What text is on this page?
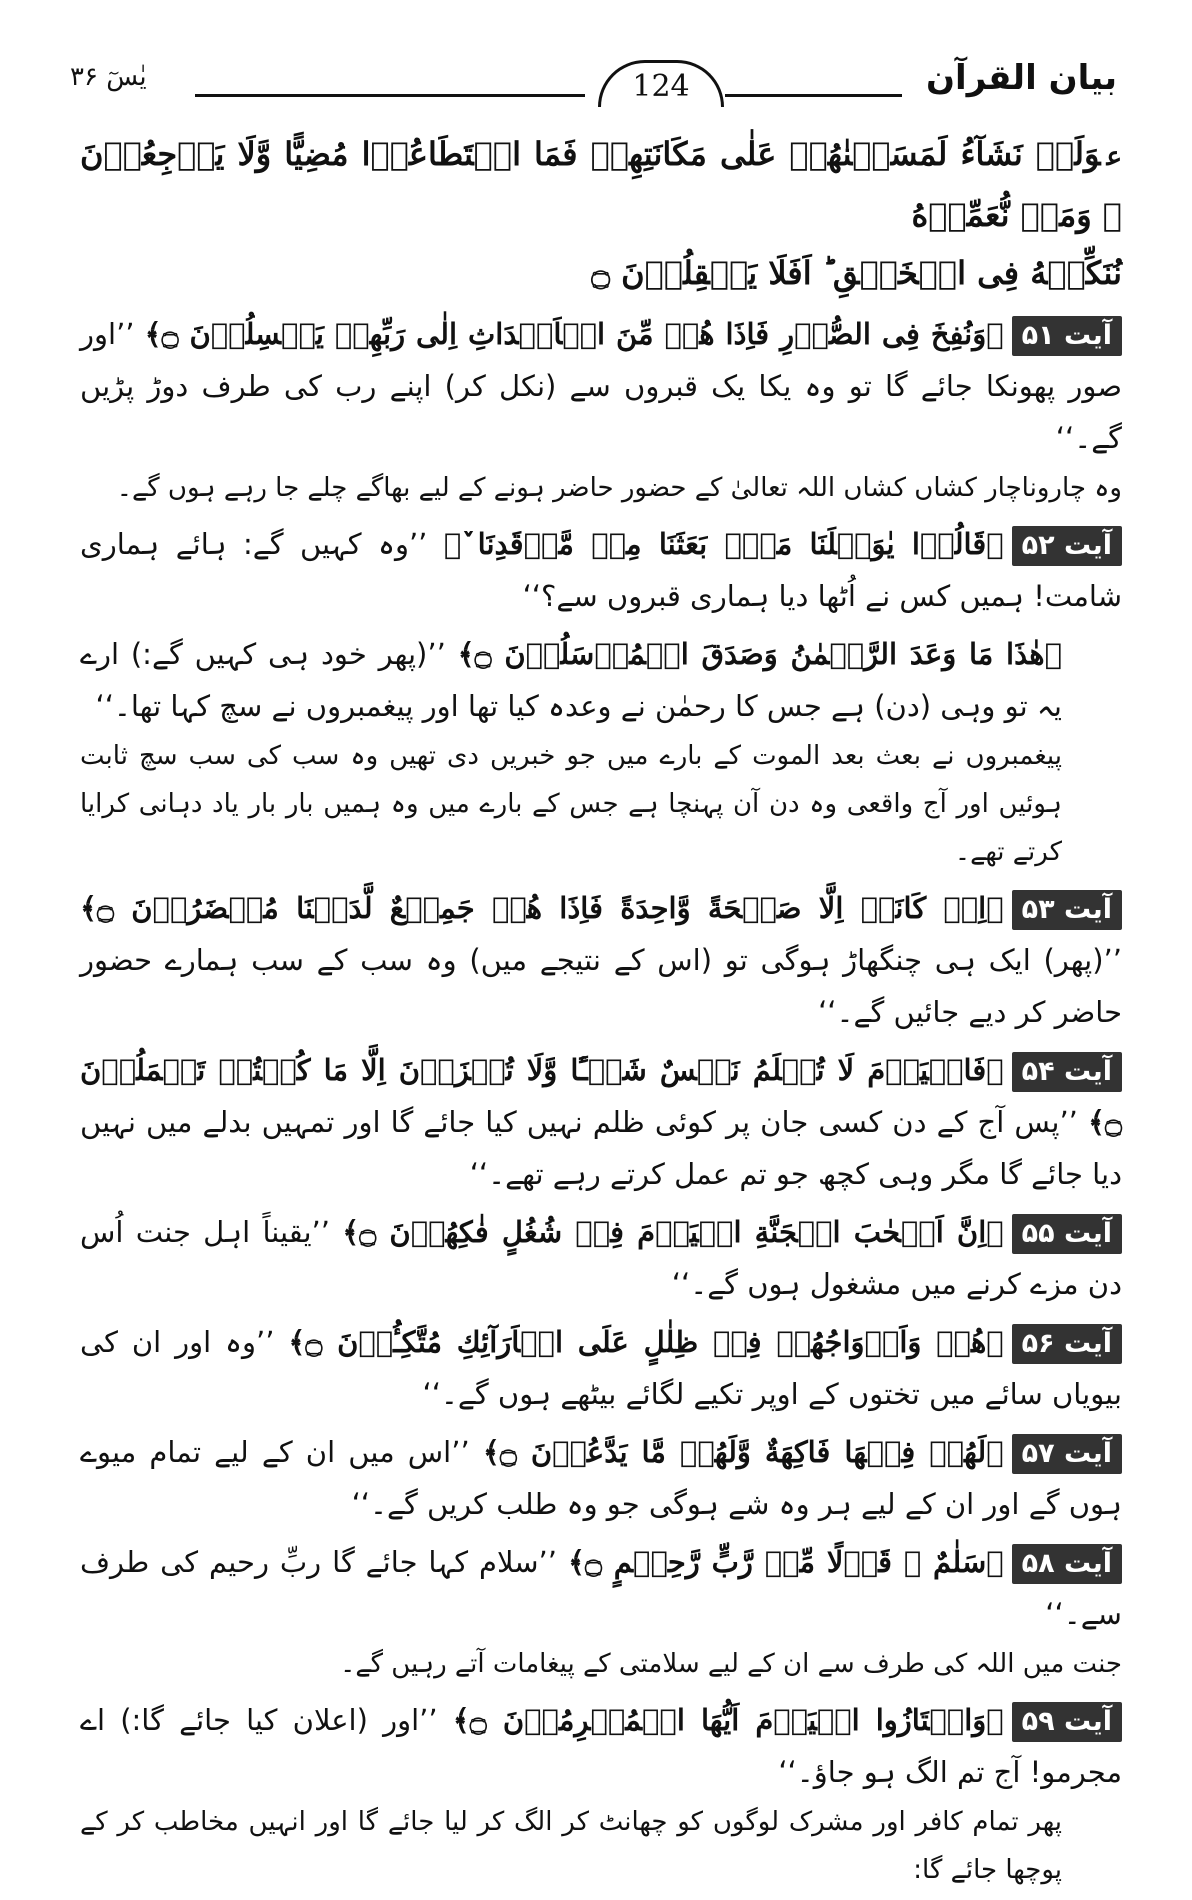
بیان القرآن
124
یٰسٓ ۳۶
عوَلَوۡ نَشَآءُ لَمَسَخۡنٰهُمۡ عَلٰی مَكَانَتِهِمۡ فَمَا اسۡتَطَاعُوۡا مُضِیًّا وَّلَا یَرۡجِعُوۡنَ ؏ وَمَنۡ نُّعَمِّرۡهُ
نُنَكِّسۡهُ فِی الۡخَلۡقِ ؕ اَفَلَا یَعۡقِلُوۡنَ ۝
آیت ۵۱﴿وَنُفِخَ فِی الصُّوۡرِ فَاِذَا هُمۡ مِّنَ الۡاَجۡدَاثِ اِلٰی رَبِّهِمۡ یَنۡسِلُوۡنَ ۝﴾ ’’اور صور پھونکا جائے گا تو وہ یکا یک قبروں سے (نکل کر) اپنے رب کی طرف دوڑ پڑیں گے۔‘‘
وہ چاروناچار کشاں کشاں اللہ تعالیٰ کے حضور حاضر ہونے کے لیے بھاگے چلے جا رہے ہوں گے۔
آیت ۵۲﴿قَالُوۡا یٰوَیۡلَنَا مَنۡۢ بَعَثَنَا مِنۡ مَّرۡقَدِنَا ٚ﴾ ’’وہ کہیں گے: ہائے ہماری شامت! ہمیں کس نے اُٹھا دیا ہماری قبروں سے؟‘‘
﴿هٰذَا مَا وَعَدَ الرَّحۡمٰنُ وَصَدَقَ الۡمُرۡسَلُوۡنَ ۝﴾ ’’(پھر خود ہی کہیں گے:) ارے یہ تو وہی (دن) ہے جس کا رحمٰن نے وعدہ کیا تھا اور پیغمبروں نے سچ کہا تھا۔‘‘
پیغمبروں نے بعث بعد الموت کے بارے میں جو خبریں دی تھیں وہ سب کی سب سچ ثابت ہوئیں اور آج واقعی وہ دن آن پہنچا ہے جس کے بارے میں وہ ہمیں بار بار یاد دہانی کرایا کرتے تھے۔
آیت ۵۳﴿اِنۡ كَانَتۡ اِلَّا صَیۡحَةً وَّاحِدَةً فَاِذَا هُمۡ جَمِیۡعٌ لَّدَیۡنَا مُحۡضَرُوۡنَ ۝﴾ ’’(پھر) ایک ہی چنگھاڑ ہوگی تو (اس کے نتیجے میں) وہ سب کے سب ہمارے حضور حاضر کر دیے جائیں گے۔‘‘
آیت ۵۴﴿فَالۡیَوۡمَ لَا تُظۡلَمُ نَفۡسٌ شَیۡـًٔا وَّلَا تُجۡزَوۡنَ اِلَّا مَا كُنۡتُمۡ تَعۡمَلُوۡنَ ۝﴾ ’’پس آج کے دن کسی جان پر کوئی ظلم نہیں کیا جائے گا اور تمہیں بدلے میں نہیں دیا جائے گا مگر وہی کچھ جو تم عمل کرتے رہے تھے۔‘‘
آیت ۵۵﴿اِنَّ اَصۡحٰبَ الۡجَنَّةِ الۡیَوۡمَ فِیۡ شُغُلٍ فٰكِهُوۡنَ ۝﴾ ’’یقیناً اہل جنت اُس دن مزے کرنے میں مشغول ہوں گے۔‘‘
آیت ۵۶﴿هُمۡ وَاَزۡوَاجُهُمۡ فِیۡ ظِلٰلٍ عَلَی الۡاَرَآئِكِ مُتَّكِـُٔوۡنَ ۝﴾ ’’وہ اور ان کی بیویاں سائے میں تختوں کے اوپر تکیے لگائے بیٹھے ہوں گے۔‘‘
آیت ۵۷﴿لَهُمۡ فِیۡهَا فَاكِهَةٌ وَّلَهُمۡ مَّا یَدَّعُوۡنَ ۝﴾ ’’اس میں ان کے لیے تمام میوے ہوں گے اور ان کے لیے ہر وہ شے ہوگی جو وہ طلب کریں گے۔‘‘
آیت ۵۸﴿سَلٰمٌ ۟ قَوۡلًا مِّنۡ رَّبٍّ رَّحِیۡمٍ ۝﴾ ’’سلام کہا جائے گا ربِّ رحیم کی طرف سے۔‘‘
جنت میں اللہ کی طرف سے ان کے لیے سلامتی کے پیغامات آتے رہیں گے۔
آیت ۵۹﴿وَامۡتَازُوا الۡیَوۡمَ اَیُّهَا الۡمُجۡرِمُوۡنَ ۝﴾ ’’اور (اعلان کیا جائے گا:) اے مجرمو! آج تم الگ ہو جاؤ۔‘‘
پھر تمام کافر اور مشرک لوگوں کو چھانٹ کر الگ کر لیا جائے گا اور انہیں مخاطب کر کے پوچھا جائے گا:
